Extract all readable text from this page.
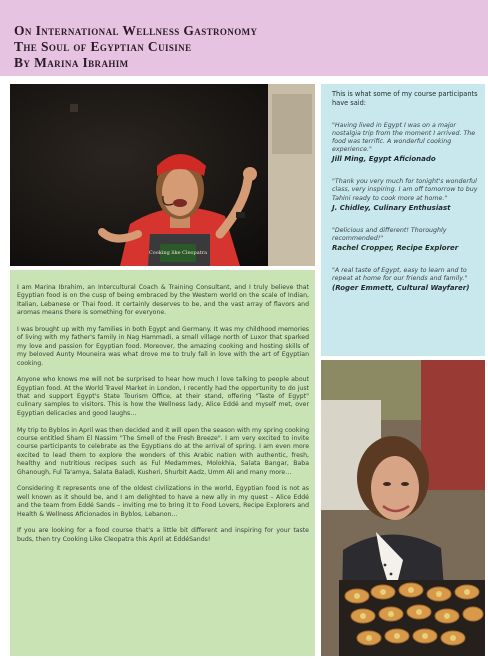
On International Wellness Gastronomy
The Soul of Egyptian Cuisine
By Marina Ibrahim
Cooking like Cleopatra
This is what some of my course participants have said:

"Having lived in Egypt I was on a major nostalgia trip from the moment I arrived. The food was terrific. A wonderful cooking experience."

Jill Ming, Egypt Aficionado

"Thank you very much for tonight's wonderful class, very inspiring. I am off tomorrow to buy Tahini ready to cook more at home."

J. Chidley, Culinary Enthusiast

"Delicious and different! Thoroughly recommended!"

Rachel Cropper, Recipe Explorer

"A real taste of Egypt, easy to learn and to repeat at home for our friends and family."

(Roger Emmett, Cultural Wayfarer)

I am Marina Ibrahim, an Intercultural Coach & Training Consultant, and I truly believe that Egyptian food is on the cusp of being embraced by the Western world on the scale of Indian, Italian, Lebanese or Thai food. It certainly deserves to be, and the vast array of flavors and aromas means there is something for everyone.

I was brought up with my families in both Egypt and Germany. It was my childhood memories of living with my father's family in Nag Hammadi, a small village north of Luxor that sparked my love and passion for Egyptian food. Moreover, the amazing cooking and hosting skills of my beloved Aunty Mouneira was what drove me to truly fall in love with the art of Egyptian cooking.

Anyone who knows me will not be surprised to hear how much I love talking to people about Egyptian food. At the World Travel Market in London, I recently had the opportunity to do just that and support Egypt's State Tourism Office, at their stand, offering "Taste of Egypt" culinary samples to visitors. This is how the Wellness lady, Alice Eddé and myself met, over Egyptian delicacies and good laughs…

My trip to Byblos in April was then decided and it will open the season with my spring cooking course entitled Sham El Nassim "The Smell of the Fresh Breeze". I am very excited to invite course participants to celebrate as the Egyptians do at the arrival of spring. I am even more excited to lead them to explore the wonders of this Arabic nation with authentic, fresh, healthy and nutritious recipes such as Ful Medammes, Molokhia, Salata Bangar, Baba Ghanough, Ful Ta'amya, Salata Baladi, Kusheri, Shurbit Aadz, Umm Ali and many more…

Considering it represents one of the oldest civilizations in the world, Egyptian food is not as well known as it should be, and I am delighted to have a new ally in my quest – Alice Eddé and the team from Eddé Sands – inviting me to bring it to Food Lovers, Recipe Explorers and Health & Wellness Aficionados in Byblos, Lebanon…

If you are looking for a food course that's a little bit different and inspiring for your taste buds, then try Cooking Like Cleopatra this April at EddéSands!
